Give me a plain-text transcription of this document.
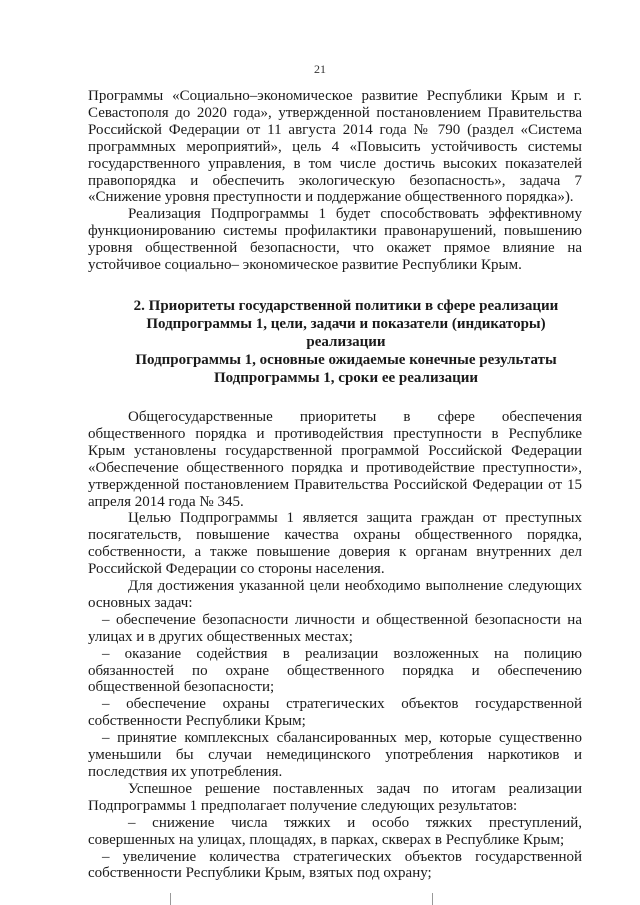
21

Программы «Социально–экономическое развитие Республики Крым и г. Севастополя до 2020 года», утвержденной постановлением Правительства Российской Федерации от 11 августа 2014 года № 790 (раздел «Система программных мероприятий», цель 4 «Повысить устойчивость системы государственного управления, в том числе достичь высоких показателей правопорядка и обеспечить экологическую безопасность», задача 7 «Снижение уровня преступности и поддержание общественного порядка»).

Реализация Подпрограммы 1 будет способствовать эффективному функционированию системы профилактики правонарушений, повышению уровня общественной безопасности, что окажет прямое влияние на устойчивое социально– экономическое развитие Республики Крым.

2. Приоритеты государственной политики в сфере реализации
Подпрограммы 1, цели, задачи и показатели (индикаторы) реализации
Подпрограммы 1, основные ожидаемые конечные результаты
Подпрограммы 1, сроки ее реализации

Общегосударственные приоритеты в сфере обеспечения общественного порядка и противодействия преступности в Республике Крым установлены государственной программой Российской Федерации «Обеспечение общественного порядка и противодействие преступности», утвержденной постановлением Правительства Российской Федерации от 15 апреля 2014 года № 345.

Целью Подпрограммы 1 является защита граждан от преступных посягательств, повышение качества охраны общественного порядка, собственности, а также повышение доверия к органам внутренних дел Российской Федерации со стороны населения.

Для достижения указанной цели необходимо выполнение следующих основных задач:

– обеспечение безопасности личности и общественной безопасности на улицах и в других общественных местах;

– оказание содействия в реализации возложенных на полицию обязанностей по охране общественного порядка и обеспечению общественной безопасности;

– обеспечение охраны стратегических объектов государственной собственности Республики Крым;

– принятие комплексных сбалансированных мер, которые существенно уменьшили бы случаи немедицинского употребления наркотиков и последствия их употребления.

Успешное решение поставленных задач по итогам реализации Подпрограммы 1 предполагает получение следующих результатов:

– снижение числа тяжких и особо тяжких преступлений, совершенных на улицах, площадях, в парках, скверах в Республике Крым;

– увеличение количества стратегических объектов государственной собственности Республики Крым, взятых под охрану;
